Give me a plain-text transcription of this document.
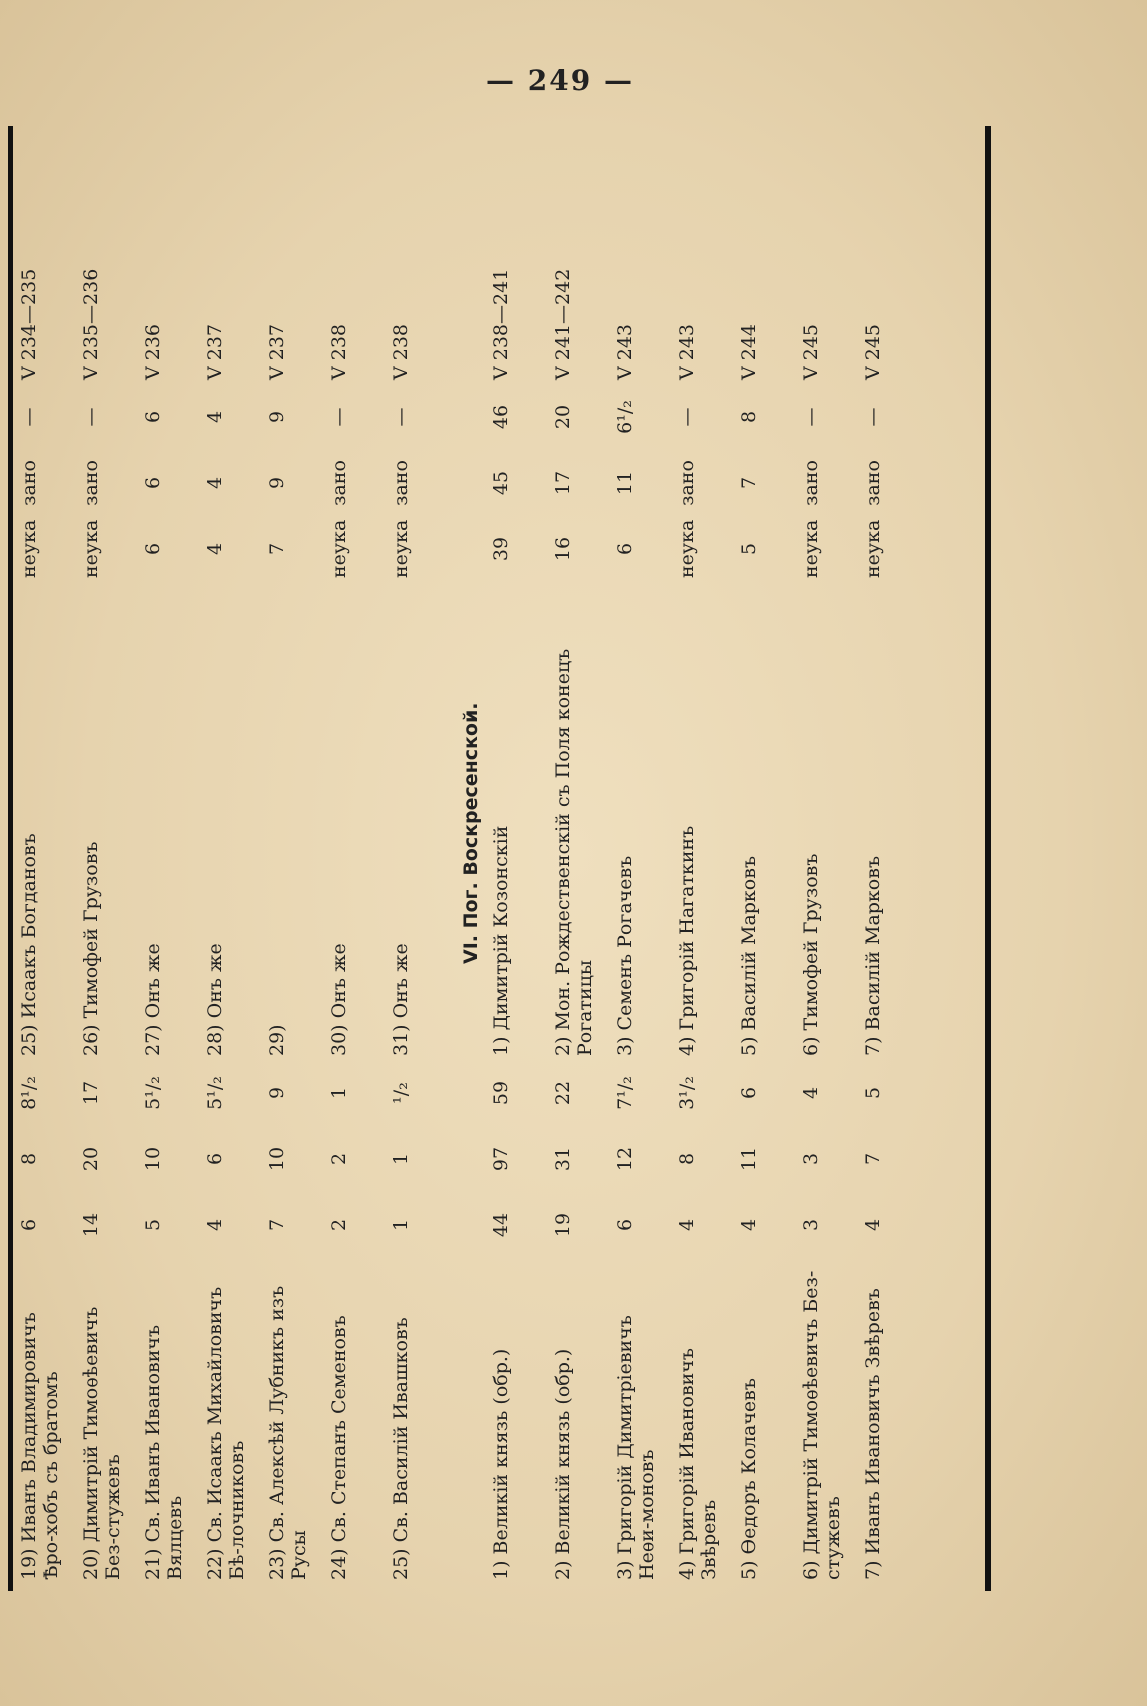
— 249 —
19) Иванъ Владимировичъ Ѣро-хобъ съ братомъ	6	8	8¹/₂	25) Исаакъ Богдановъ	неука	зано	—	V 234—235
20) Димитрій Тимоѳѣевичъ Без-стужевъ	14	20	17	26) Тимофей Грузовъ	неука	зано	—	V 235—236
21) Св. Иванъ Ивановичъ Вялцевъ	5	10	5¹/₂	27) Онъ же	6	6	6	V 236
22) Св. Исаакъ Михайловичъ Бѣ-лочниковъ	4	6	5¹/₂	28) Онъ же	4	4	4	V 237
23) Св. Алексѣй Лубникъ изъ Русы	7	10	9	29)	7	9	9	V 237
24) Св. Степанъ Семеновъ	2	2	1	30) Онъ же	неука	зано	—	V 238
25) Св. Василій Ивашковъ	1	1	¹/₂	31) Онъ же	неука	зано	—	V 238
VI. Пог. Воскресенской.								
1) Великій князь (обр.)	44	97	59	1) Димитрій Козонскій	39	45	46	V 238—241
2) Великій князь (обр.)	19	31	22	2) Мон. Рождественскій съ Поля конецъ Рогатицы	16	17	20	V 241—242
3) Григорій Димитріевичъ Неѳи-моновъ	6	12	7¹/₂	3) Семенъ Рогачевъ	6	11	6¹/₂	V 243
4) Григорій Ивановичъ Звѣревъ	4	8	3¹/₂	4) Григорій Нагаткинъ	неука	зано	—	V 243
5) Ѳедоръ Колачевъ	4	11	6	5) Василій Марковъ	5	7	8	V 244
6) Димитрій Тимоѳѣевичъ Без-стужевъ	3	3	4	6) Тимофей Грузовъ	неука	зано	—	V 245
7) Иванъ Ивановичъ Звѣревъ	4	7	5	7) Василій Марковъ	неука	зано	—	V 245
